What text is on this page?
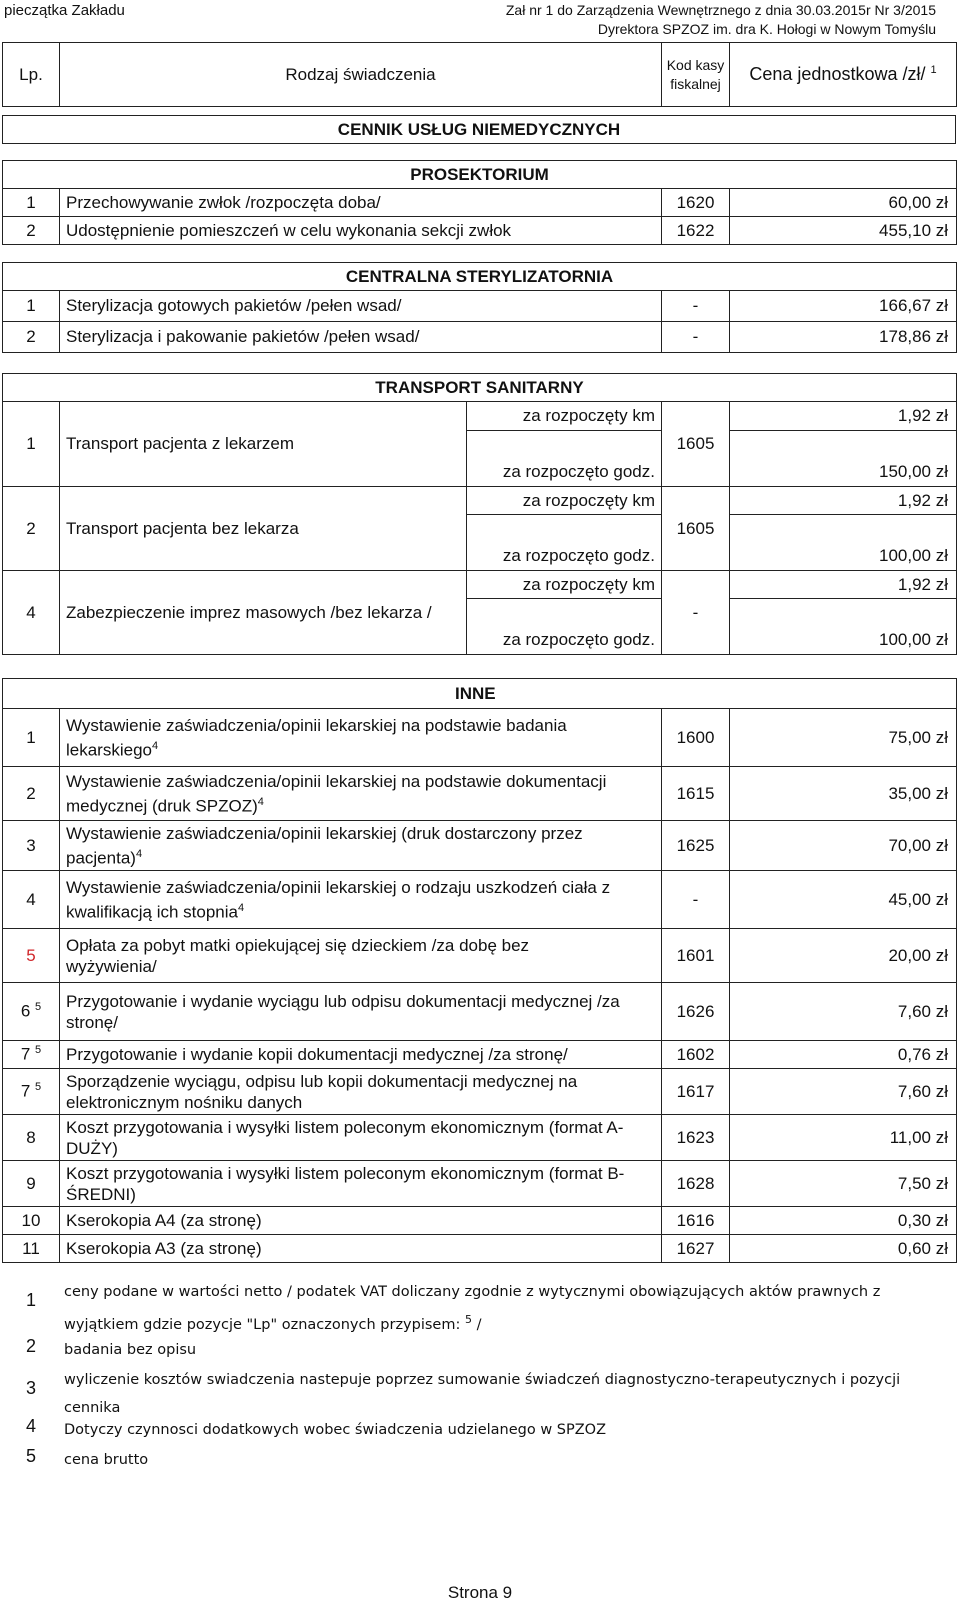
pieczątka Zakładu	Zał nr 1 do Zarządzenia Wewnętrznego z dnia 30.03.2015r Nr 3/2015
Dyrektora SPZOZ im. dra K. Hołogi w Nowym Tomyślu
Lp.	Rodzaj świadczenia	Kod kasy
fiskalnej	Cena jednostkowa /zł/ $^1$
CENNIK USŁUG NIEMEDYCZNYCH
PROSEKTORIUM			
1	Przechowywanie zwłok /rozpoczęta doba/	1620	60,00 zł
2	Udostępnienie pomieszczeń w celu wykonania sekcji zwłok	1622	455,10 zł
CENTRALNA STERYLIZATORNIA			
1	Sterylizacja gotowych pakietów /pełen wsad/	-	166,67 zł
2	Sterylizacja i pakowanie pakietów /pełen wsad/	-	178,86 zł
TRANSPORT SANITARNY				
1	Transport pacjenta z lekarzem	za rozpoczęty km	1605	1,92 zł

		za rozpoczęto godz.		150,00 zł
2	Transport pacjenta bez lekarza	za rozpoczęty km	1605	1,92 zł

		za rozpoczęto godz.		100,00 zł
4	Zabezpieczenie imprez masowych /bez lekarza /	za rozpoczęty km	-	1,92 zł

		za rozpoczęto godz.		100,00 zł
INNE			
1	Wystawienie zaświadczenia/opinii lekarskiej na podstawie badania
lekarskiego$^4$	1600	75,00 zł
2	Wystawienie zaświadczenia/opinii lekarskiej na podstawie dokumentacji
medycznej (druk SPZOZ)$^4$	1615	35,00 zł
3	Wystawienie zaświadczenia/opinii lekarskiej (druk dostarczony przez
pacjenta)$^4$	1625	70,00 zł
4	Wystawienie zaświadczenia/opinii lekarskiej o rodzaju uszkodzeń ciała z
kwalifikacją ich stopnia$^4$	-	45,00 zł
5	Opłata za pobyt matki opiekującej się dzieckiem /za dobę bez
wyżywienia/	1601	20,00 zł
6 $^5$	Przygotowanie i wydanie wyciągu lub odpisu dokumentacji medycznej /za
stronę/	1626	7,60 zł
7 $^5$	Przygotowanie i wydanie kopii dokumentacji medycznej /za stronę/	1602	0,76 zł
7 $^5$	Sporządzenie wyciągu, odpisu lub kopii dokumentacji medycznej na
elektronicznym nośniku danych	1617	7,60 zł
8	Koszt przygotowania i wysyłki listem poleconym ekonomicznym (format A-
DUŻY)	1623	11,00 zł
9	Koszt przygotowania i wysyłki listem poleconym ekonomicznym (format B-
ŚREDNI)	1628	7,50 zł
10	Kserokopia A4 (za stronę)	1616	0,30 zł
11	Kserokopia A3 (za stronę)	1627	0,60 zł
1 ceny podane w wartości netto / podatek VAT doliczany zgodnie z wytycznymi obowiązujących aktów prawnych z
wyjątkiem gdzie pozycje "Lp" oznaczonych przypisem: $^5$ /
2 badania bez opisu
3 wyliczenie kosztów swiadczenia nastepuje poprzez sumowanie świadczeń diagnostyczno-terapeutycznych i pozycji
cennika
4 Dotyczy czynnosci dodatkowych wobec świadczenia udzielanego w SPZOZ
5 cena brutto
Strona 9
